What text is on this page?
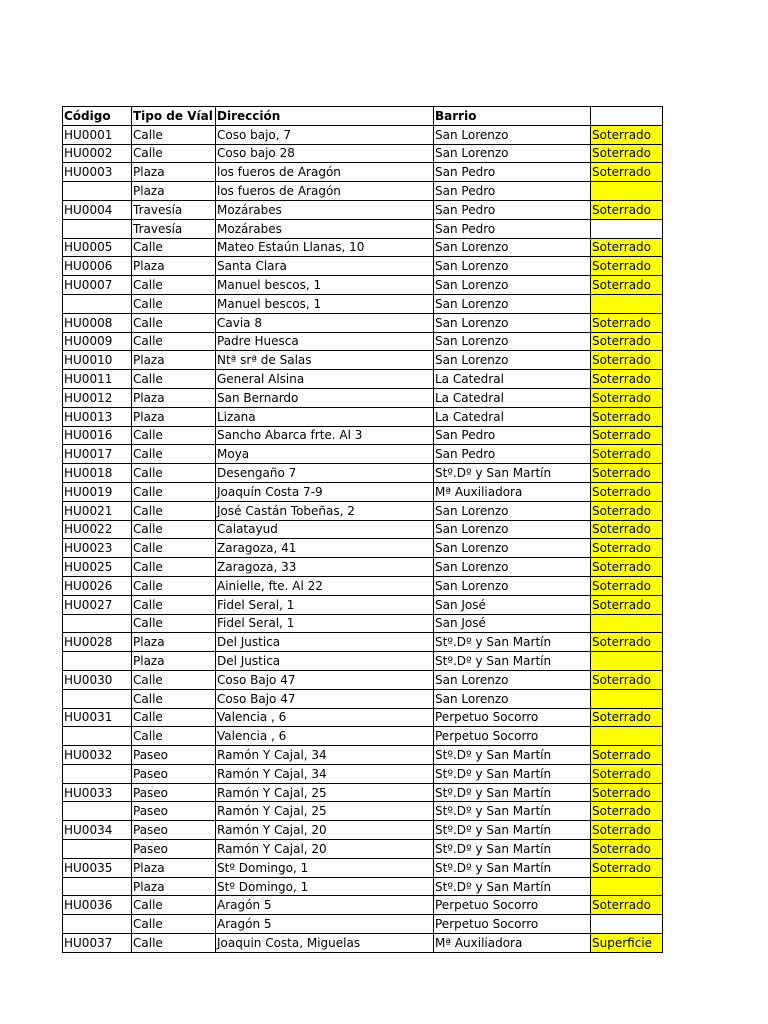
Código	Tipo de Víal	Dirección	Barrio	
HU0001	Calle	Coso bajo, 7	San Lorenzo	Soterrado
HU0002	Calle	Coso bajo 28	San Lorenzo	Soterrado
HU0003	Plaza	los fueros de Aragón	San Pedro	Soterrado
	Plaza	los fueros de Aragón	San Pedro	
HU0004	Travesía	Mozárabes	San Pedro	Soterrado
	Travesía	Mozárabes	San Pedro	
HU0005	Calle	Mateo Estaún Llanas, 10	San Lorenzo	Soterrado
HU0006	Plaza	Santa Clara	San Lorenzo	Soterrado
HU0007	Calle	Manuel bescos, 1	San Lorenzo	Soterrado
	Calle	Manuel bescos, 1	San Lorenzo	
HU0008	Calle	Cavia 8	San Lorenzo	Soterrado
HU0009	Calle	Padre Huesca	San Lorenzo	Soterrado
HU0010	Plaza	Ntª srª de Salas	San Lorenzo	Soterrado
HU0011	Calle	General Alsina	La Catedral	Soterrado
HU0012	Plaza	San Bernardo	La Catedral	Soterrado
HU0013	Plaza	Lizana	La Catedral	Soterrado
HU0016	Calle	Sancho Abarca frte. Al 3	San Pedro	Soterrado
HU0017	Calle	Moya	San Pedro	Soterrado
HU0018	Calle	Desengaño 7	Stº.Dº y San Martín	Soterrado
HU0019	Calle	Joaquín Costa 7-9	Mª Auxiliadora	Soterrado
HU0021	Calle	José Castán Tobeñas, 2	San Lorenzo	Soterrado
HU0022	Calle	Calatayud	San Lorenzo	Soterrado
HU0023	Calle	Zaragoza, 41	San Lorenzo	Soterrado
HU0025	Calle	Zaragoza, 33	San Lorenzo	Soterrado
HU0026	Calle	Ainielle, fte. Al 22	San Lorenzo	Soterrado
HU0027	Calle	Fidel Seral, 1	San José	Soterrado
	Calle	Fidel Seral, 1	San José	
HU0028	Plaza	Del Justica	Stº.Dº y San Martín	Soterrado
	Plaza	Del Justica	Stº.Dº y San Martín	
HU0030	Calle	Coso Bajo 47	San Lorenzo	Soterrado
	Calle	Coso Bajo 47	San Lorenzo	
HU0031	Calle	Valencia , 6	Perpetuo Socorro	Soterrado
	Calle	Valencia , 6	Perpetuo Socorro	
HU0032	Paseo	Ramón Y Cajal, 34	Stº.Dº y San Martín	Soterrado
	Paseo	Ramón Y Cajal, 34	Stº.Dº y San Martín	Soterrado
HU0033	Paseo	Ramón Y Cajal, 25	Stº.Dº y San Martín	Soterrado
	Paseo	Ramón Y Cajal, 25	Stº.Dº y San Martín	Soterrado
HU0034	Paseo	Ramón Y Cajal, 20	Stº.Dº y San Martín	Soterrado
	Paseo	Ramón Y Cajal, 20	Stº.Dº y San Martín	Soterrado
HU0035	Plaza	Stº Domingo, 1	Stº.Dº y San Martín	Soterrado
	Plaza	Stº Domingo, 1	Stº.Dº y San Martín	
HU0036	Calle	Aragón 5	Perpetuo Socorro	Soterrado
	Calle	Aragón 5	Perpetuo Socorro	
HU0037	Calle	Joaquin Costa, Miguelas	Mª Auxiliadora	Superficie
